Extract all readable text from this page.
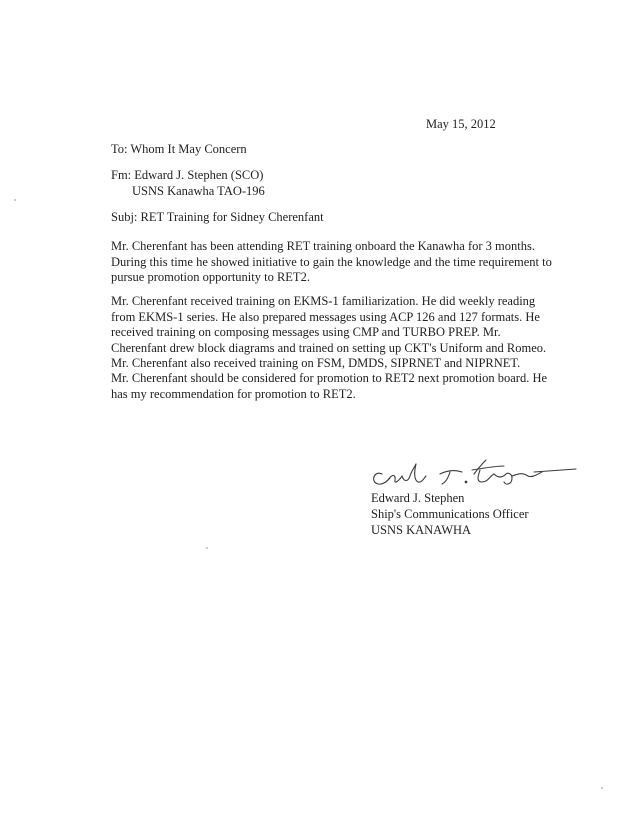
May 15, 2012
To: Whom It May Concern
Fm: Edward J. Stephen (SCO)
USNS Kanawha TAO-196
Subj: RET Training for Sidney Cherenfant

Mr. Cherenfant has been attending RET training onboard the Kanawha for 3 months.

During this time he showed initiative to gain the knowledge and the time requirement to

pursue promotion opportunity to RET2.

Mr. Cherenfant received training on EKMS-1 familiarization. He did weekly reading

from EKMS-1 series. He also prepared messages using ACP 126 and 127 formats. He

received training on composing messages using CMP and TURBO PREP. Mr.

Cherenfant drew block diagrams and trained on setting up CKT's Uniform and Romeo.

Mr. Cherenfant also received training on FSM, DMDS, SIPRNET and NIPRNET.

Mr. Cherenfant should be considered for promotion to RET2 next promotion board. He

has my recommendation for promotion to RET2.

Edward J. Stephen
Ship's Communications Officer
USNS KANAWHA
